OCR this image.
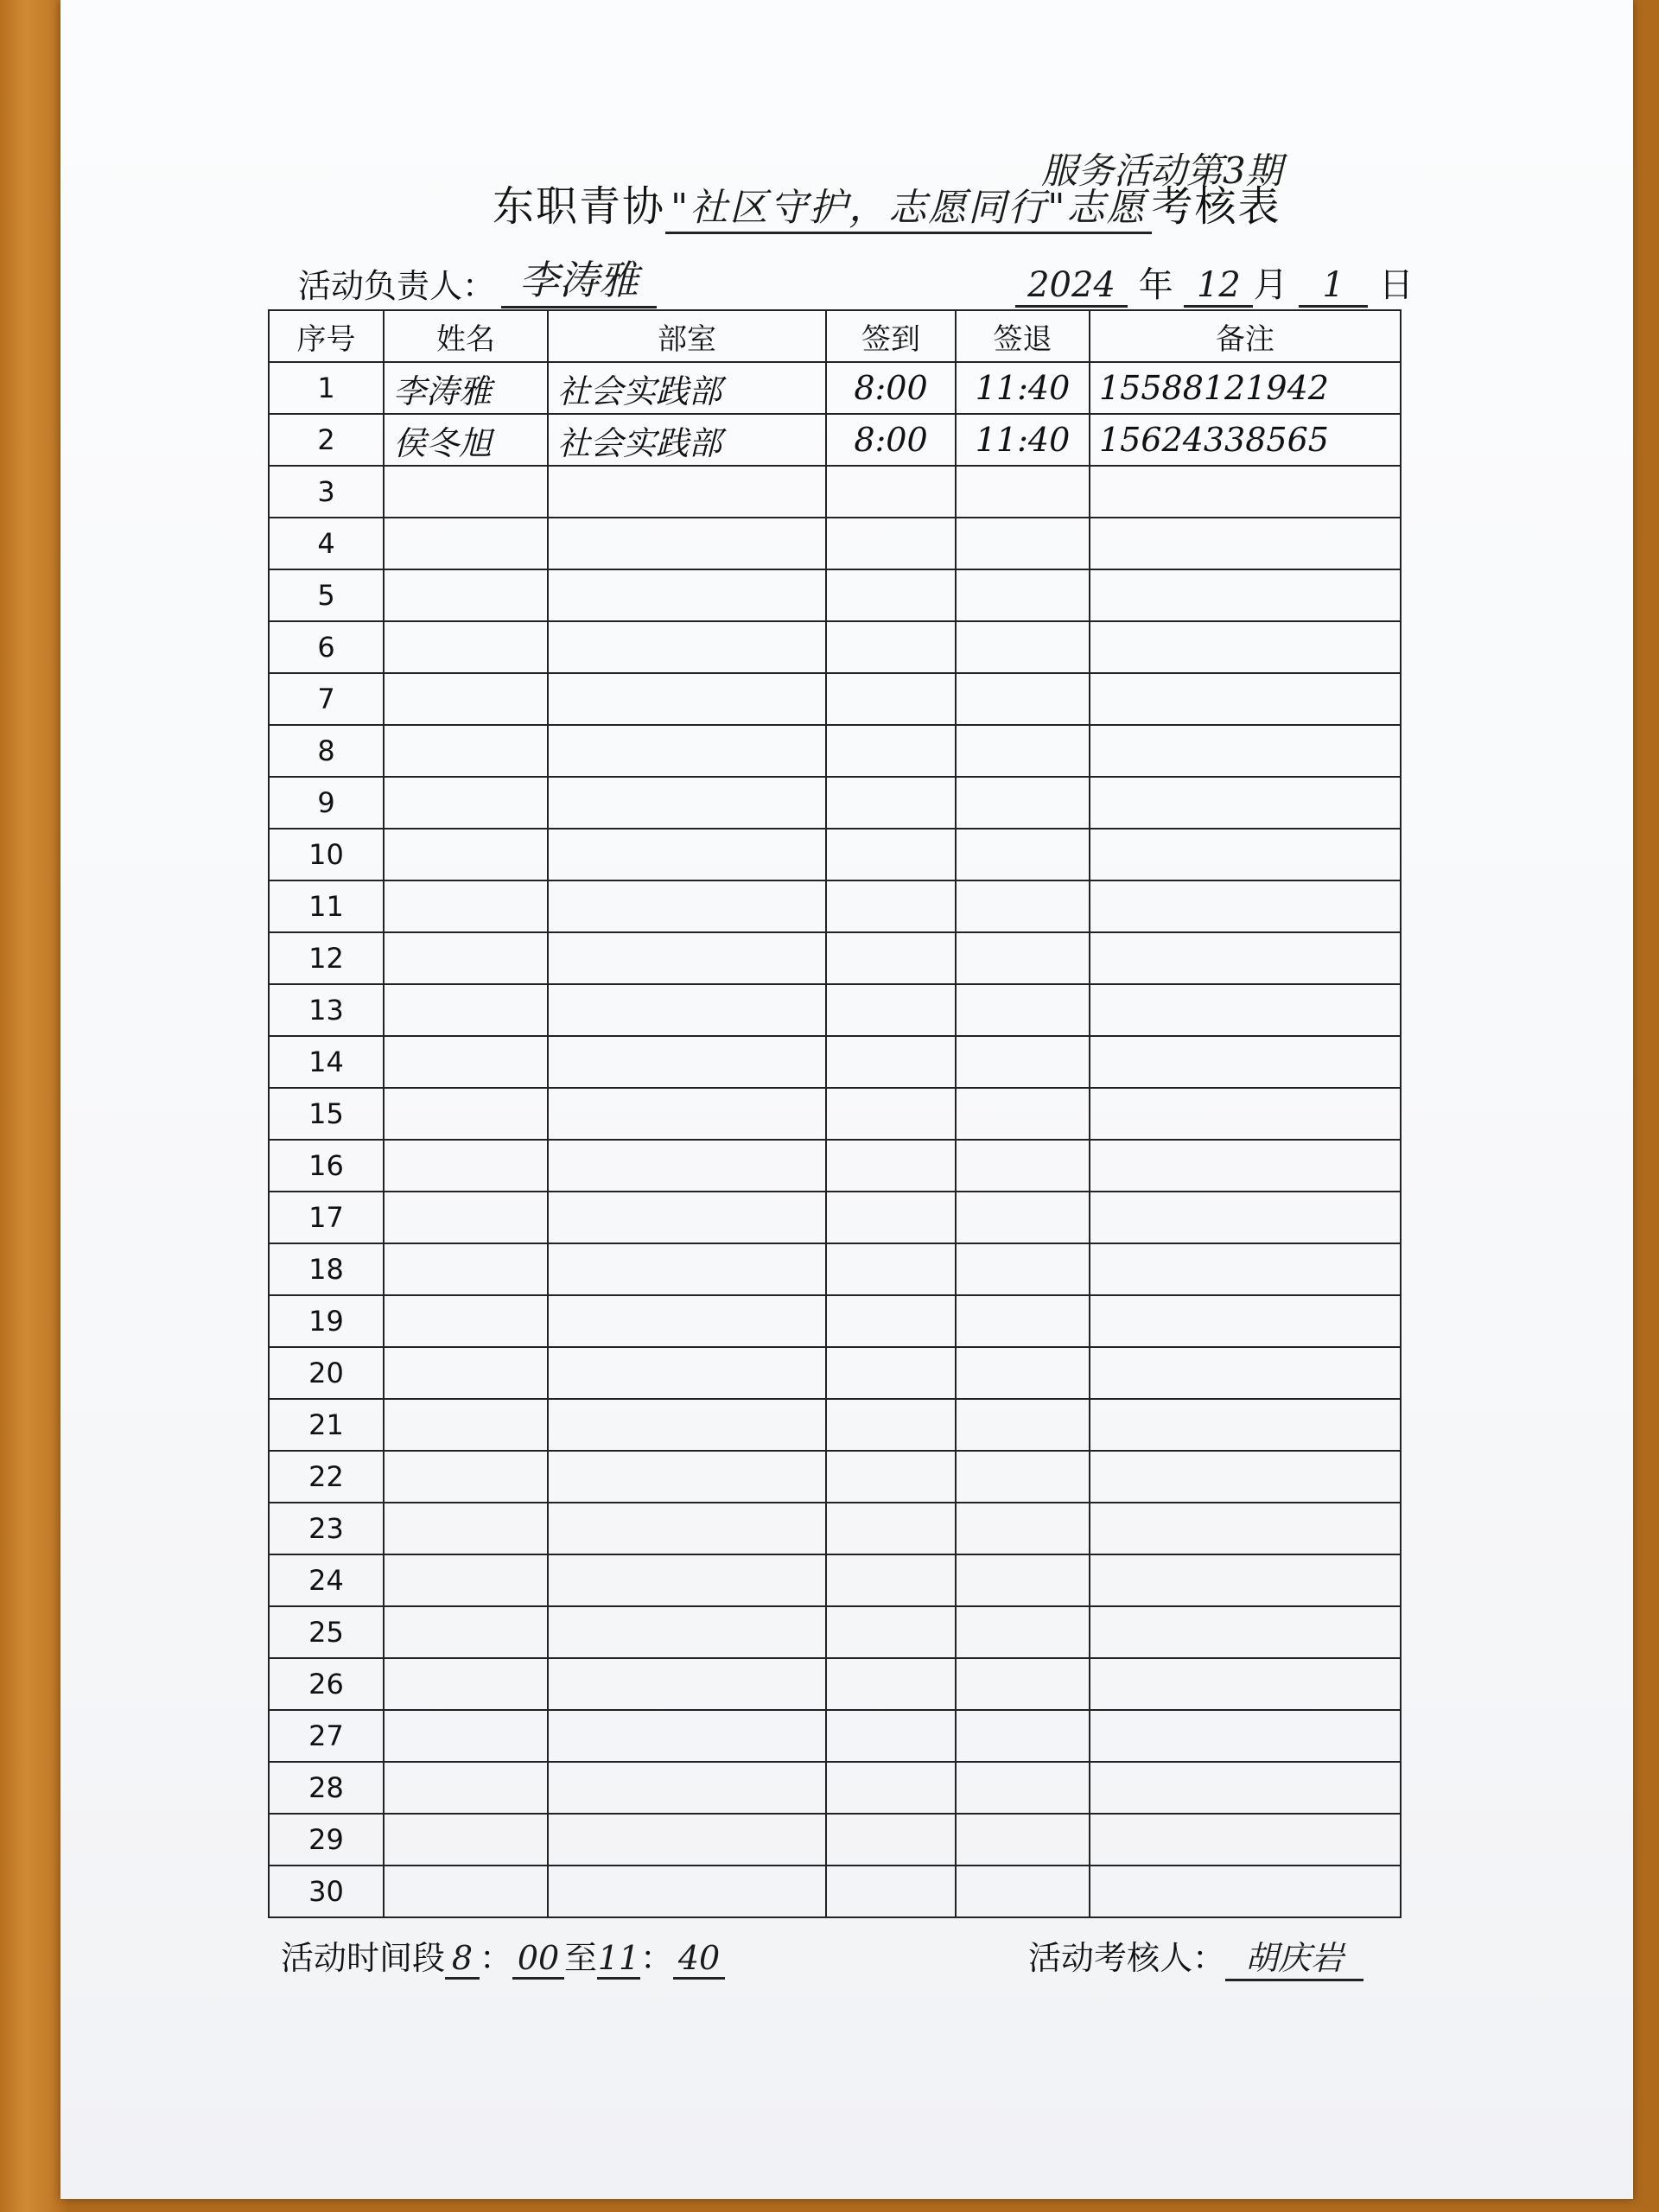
东职青协 "社区守护，志愿同行"志愿 考核表
服务活动第3期
活动负责人： 李涛雅	2024 年 12 月 1 日
序号	姓名	部室	签到	签退	备注
1	李涛雅	社会实践部	8:00	11:40	15588121942
2	侯冬旭	社会实践部	8:00	11:40	15624338565
3					
4					
5					
6					
7					
8					
9					
10					
11					
12					
13					
14					
15					
16					
17					
18					
19					
20					
21					
22					
23					
24					
25					
26					
27					
28					
29					
30					
活动时间段 8 ： 00 至11： 40	活动考核人： 胡庆岩
